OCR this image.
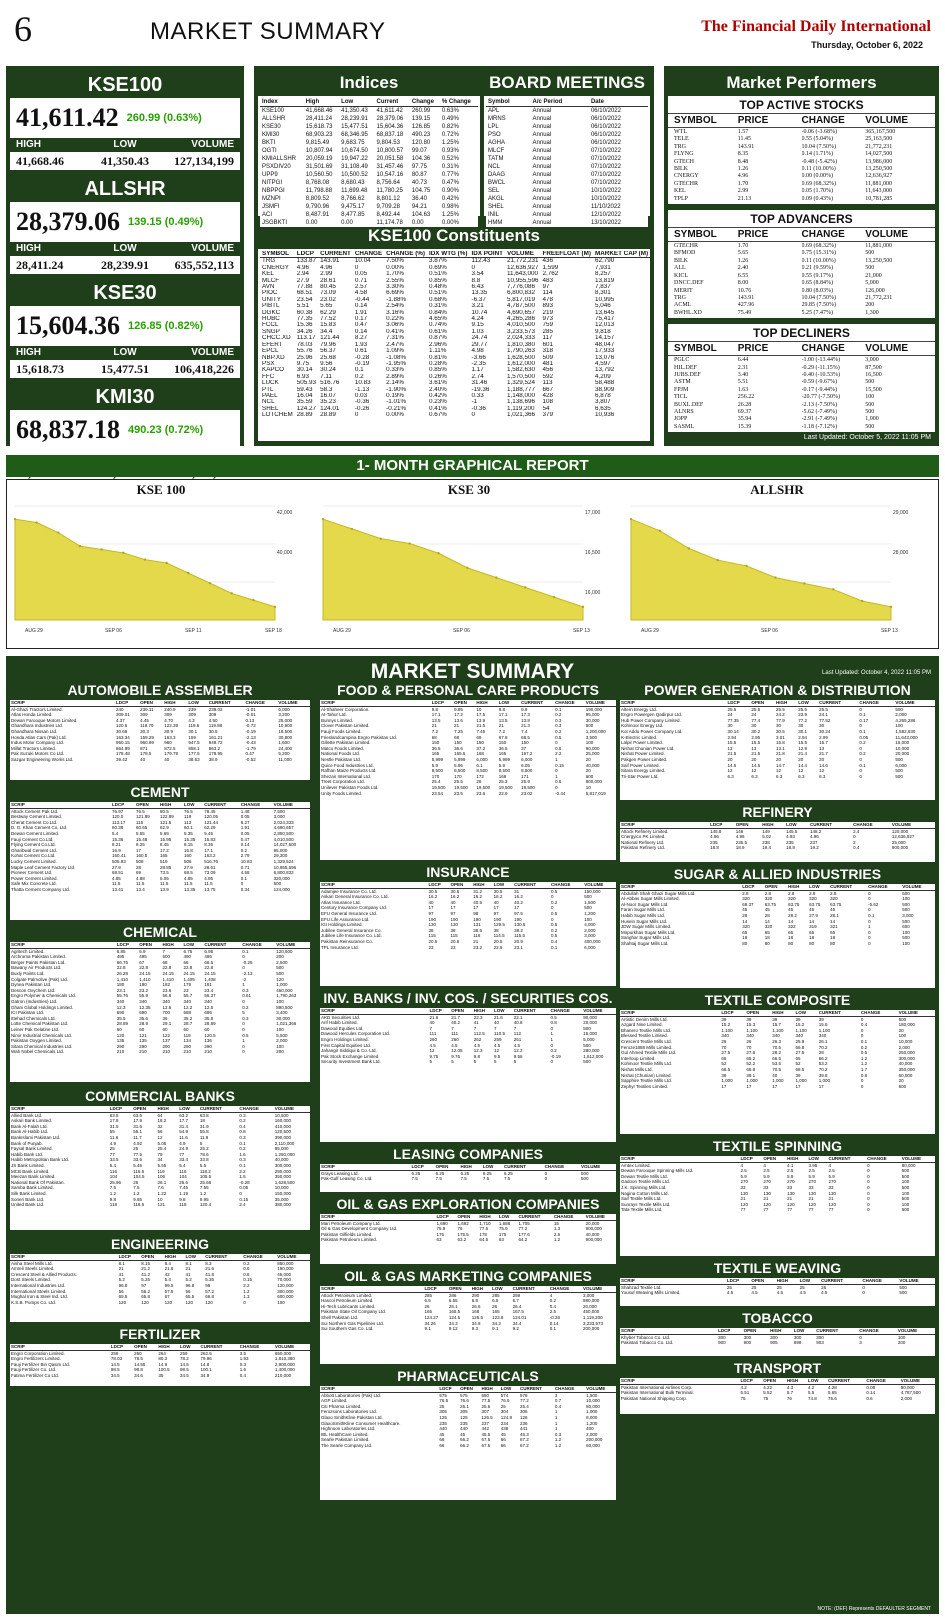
6	MARKET SUMMARY	The Financial Daily International
Thursday, October 6, 2022
KSE100
41,611.42 260.99 (0.63%)
HIGH	LOW	VOLUME
41,668.46	41,350.43	127,134,199
ALLSHR
28,379.06 139.15 (0.49%)
HIGH	LOW	VOLUME
28,411.24	28,239.91	635,552,113
KSE30
15,604.36 126.85 (0.82%)
HIGH	LOW	VOLUME
15,618.73	15,477.51	106,418,226
KMI30
68,837.18 490.23 (0.72%)
Indices
Index	High	Low	Current	Change	% Change
KSE100	41,668.46	41,350.43	41,611.42	260.99	0.63%
ALLSHR	28,411.24	28,239.91	28,379.06	139.15	0.49%
KSE30	15,618.73	15,477.51	15,604.36	126.85	0.82%
KMI30	68,903.23	68,346.95	68,837.18	490.23	0.72%
BKTI	9,815.49	9,683.75	9,804.53	120.80	1.25%
OGTI	10,807.94	10,674.50	10,800.57	99.07	0.93%
KMIALLSHR	20,059.19	19,947.22	20,051.58	104.36	0.52%
PSXDIV20	31,501.69	31,108.49	31,457.46	97.75	0.31%
UPP9	10,560.50	10,500.52	10,547.16	80.87	0.77%
NITPGI	8,768.08	8,680.43	8,756.64	40.73	0.47%
NBPPGI	11,798.88	11,699.48	11,780.25	104.75	0.90%
MZNPI	8,809.52	8,766.62	8,801.12	36.40	0.42%
JSMFI	9,790.96	9,475.17	9,709.28	94.21	0.98%
ACI	8,487.91	8,477.85	8,492.44	104.63	1.25%
JSGBKTI	0.00	0.00	11,174.78	0.00	0.00%
BOARD MEETINGS
Symbol	A/c Period	Date
APL	Annual	06/10/2022
MRNS	Annual	06/10/2022
LPL	Annual	06/10/2022
PSO	Annual	06/10/2022
AGHA	Annual	06/10/2022
MLCF	Annual	07/10/2022
TATM	Annual	07/10/2022
NCL	Annual	07/10/2022
DAAG	Annual	07/10/2022
BWCL	Annual	07/10/2022
SEL	Annual	10/10/2022
AKGL	Annual	10/10/2022
SHEL	Annual	11/10/2022
INIL	Annual	12/10/2022
HMM	Annual	13/10/2022
KSE100 Constituents
SYMBOL	LDCP	CURRENT	CHANGE	CHANGE (%)	IDX WTG (%)	IDX POINT	VOLUME	FREEFLOAT (M)	MARKET CAP (M)
TRG	133.87	143.91	10.04	7.50%	3.87%	112.43	21,772,231	436	62,790
CNERGY	4.96	4.96	0	0.00%	0.69%	0	12,636,927	1,599	7,931
KEL	2.94	2.99	0.05	1.70%	0.51%	3.54	11,643,000	2,762	8,257
MLCF	27.9	28.61	0.71	2.55%	0.85%	8.8	10,955,596	483	13,819
AVN	77.88	80.45	2.57	3.30%	0.48%	6.43	7,776,086	97	7,837
PIOC	68.51	73.09	4.58	6.69%	0.51%	13.35	6,800,832	114	8,301
UNITY	23.54	23.02	-0.44	-1.88%	0.68%	-6.37	5,817,019	478	10,995
PIBTL	5.51	5.65	0.14	2.54%	0.31%	3.21	4,787,500	893	5,046
DGKC	60.38	62.29	1.91	3.16%	0.84%	10.74	4,690,657	219	13,645
HUBC	77.35	77.52	0.17	0.22%	4.65%	4.24	4,265,286	973	75,417
FCCL	15.36	15.83	0.47	3.06%	0.74%	9.15	4,010,500	759	12,013
SNGP	34.26	34.4	0.14	0.41%	0.61%	1.03	3,233,573	285	9,818
CHCC.XD	113.17	121.44	8.27	7.31%	0.87%	24.74	2,024,333	117	14,157
EFERT	78.03	79.96	1.93	2.47%	2.96%	29.77	1,810,380	601	48,047
EPCL	55.76	56.37	0.61	1.09%	1.11%	4.98	1,790,263	318	17,933
NBP.XD	25.96	25.68	-0.28	-1.08%	0.81%	-3.66	1,628,500	509	13,076
PSX	9.75	9.56	-0.19	-1.95%	0.28%	-2.35	1,612,000	481	4,597
KAPCO	30.14	30.24	0.1	0.33%	0.85%	1.17	1,582,630	456	13,792
FFC	6.93	7.11	0.2	2.89%	0.26%	2.74	1,570,500	592	4,209
LUCK	505.93	516.76	10.83	2.14%	3.61%	31.46	1,329,524	113	58,488
PTL	59.43	58.3	-1.13	-1.90%	2.40%	-19.36	1,188,777	667	38,909
PAEL	16.04	16.07	0.03	0.19%	0.42%	0.33	1,148,000	428	6,878
NCL	35.59	35.23	-0.36	-1.01%	0.23%	-1	1,138,696	108	3,807
SHEL	124.27	124.01	-0.26	-0.21%	0.41%	-0.36	1,119,200	54	6,635
LOTCHEM	28.89	28.89	0	0.00%	0.67%	0	1,021,366	379	10,936
Market Performers
TOP ACTIVE STOCKS
SYMBOL	PRICE	CHANGE	VOLUME
WTL	1.57	-0.06 (-3.68%)	365,167,500
TELE	11.45	0.55 (5.04%)	25,163,500
TRG	143.91	10.04 (7.50%)	21,772,231
FLYNG	8.35	0.14 (1.71%)	14,027,500
GTECH	8.48	-0.48 (-5.42%)	13,986,000
BILK	1.26	0.11 (10.00%)	13,250,500
CNERGY	4.96	0.00 (0.00%)	12,636,927
GTECHR	1.70	0.69 (68.32%)	11,881,000
KEL	2.99	0.05 (1.70%)	11,643,000
TPLP	21.13	0.09 (0.43%)	10,781,285
TOP ADVANCERS
SYMBOL	PRICE	CHANGE	VOLUME
GTECHR	1.70	0.69 (68.32%)	11,881,000
BFMOD	5.65	0.75 (15.31%)	500
BILK	1.26	0.11 (10.00%)	13,250,500
ALL	2.40	0.21 (9.59%)	500
KICL	6.55	0.55 (9.17%)	21,000
DNCC.DEF	8.00	0.65 (8.84%)	5,000
MERIT	10.76	0.80 (8.03%)	126,000
TRG	143.91	10.04 (7.50%)	21,772,231
ACML	427.96	29.85 (7.50%)	200
BWHL.XD	75.49	5.25 (7.47%)	1,300
TOP DECLINERS
SYMBOL	PRICE	CHANGE	VOLUME
PGLC	6.44	-1.00 (-13.44%)	3,000
HIL.DEF	2.31	-0.29 (-11.15%)	87,500
JUBS.DEF	3.40	-0.40 (-10.53%)	16,500
ASTM	5.51	-0.59 (-9.67%)	500
FPJM	1.63	-0.17 (-9.44%)	15,500
TICL	256.22	-20.77 (-7.50%)	100
BUXL.DEF	26.28	-2.13 (-7.50%)	500
ALNRS	69.37	-5.62 (-7.49%)	500
JOPP	35.94	-2.91 (-7.49%)	1,000
SASML	15.39	-1.18 (-7.12%)	500
Last Updated: October 5, 2022 11:05 PM
1- MONTH GRAPHICAL REPORT
KSE 100
AUG 29	SEP 06	SEP 11	SEP 18
42,000
40,000
KSE 30
AUG 29	SEP 06	SEP 13
17,000
16,500
16,000
ALLSHR
AUG 29	SEP 06	SEP 13
29,000
28,000
MARKET SUMMARY	Last Updated: October 4, 2022 11:05 PM
NOTE: (DEF) Represents DEFAULTER SEGMENT
AUTOMOBILE ASSEMBLER
SCRIP	LDCP	OPEN	HIGH	LOW	CURRENT	CHANGE	VOLUME
Al-Ghazi Tractors Limited.	240	239.11	240.9	239	239.02	-1.01	6,000
Atlas Honda Limited.	309.01	309	309	309	309	-0.01	3,200
Dewan Farooque Motors Limited.	4.37	4.45	4.70	4.3	4.50	0.13	25,000
Ghandhara Industries Ltd.	120.6	118.79	122.39	118.6	119.88	-0.72	10,900
Ghandhara Nissan Ltd.	30.69	30.3	30.9	30.1	30.5	-0.19	18,500
Honda Atlas Cars (Pak) Ltd.	163.34	159.29	163.3	159	161.21	-2.13	30,800
Indus Motor Company Ltd.	950.15	960.99	960	947.5	949.72	-0.43	1,600
Millat Tractors Limited.	864.99	871	872.5	858.1	863.2	-1.79	24,400
Pak Suzuki Motors Co Ltd.	178.48	178.5	179.79	177.5	178.95	0.47	5,200
Sazgar Engineering Works Ltd.	39.42	40	40	38.63	38.9	-0.52	11,000
CEMENT
SCRIP	LDCP	OPEN	HIGH	LOW	CURRENT	CHANGE	VOLUME
Attock Cement Pak Ltd.	76.97	76.5	80.5	76.5	78.45	1.48	7,500
Bestway Cement Limited.	120.0	121.89	122.89	119	120.05	0.05	3,000
Cherat Cement Co.Ltd.	113.17	115	121.5	113	121.44	8.27	2,024,333
D. G. Khan Cement Co. Ltd.	60.38	60.65	62.9	60.1	62.29	1.91	4,690,657
Dewan Cement Limited.	5.4	5.55	5.69	5.35	5.45	0.05	2,850,500
Fauji Cement Co.Ltd.	15.36	15.48	15.95	15.35	15.83	0.47	4,010,500
Flying Cement Co.Ltd.	8.21	8.25	8.45	8.15	8.35	0.14	14,027,500
Gharibwal Cement Ltd.	16.9	17	17.2	16.8	17.1	0.2	95,000
Kohat Cement Co.Ltd.	160.41	160.5	165	160	163.2	2.79	29,300
Lucky Cement Limited.	505.93	508	519	506	516.76	10.83	1,329,524
Maple Leaf Cement Factory Ltd.	27.9	28	28.85	27.9	28.61	0.71	10,955,596
Pioneer Cement Ltd.	68.51	69	73.5	68.5	73.09	4.58	6,800,832
Power Cement Limited.	4.85	4.88	5.05	4.85	4.95	0.1	320,000
Safe Mix Concrete Ltd.	11.5	11.5	11.5	11.5	11.5	0	500
Thatta Cement Company Ltd.	13.41	13.4	13.9	13.35	13.75	0.34	124,000
CHEMICAL
SCRIP	LDCP	OPEN	HIGH	LOW	CURRENT	CHANGE	VOLUME
Agritech Limited.	6.85	6.9	7	6.75	6.95	0.1	120,500
Archroma Pakistan Limited.	495	495	500	490	495	0	200
Berger Paints Pakistan Ltd.	66.75	67	68	66	66.5	-0.25	2,500
Bawany Air Products Ltd.	22.8	22.8	22.8	22.8	22.8	0	500
Buxly Paints Ltd.	26.28	24.15	24.15	24.15	24.15	-2.13	500
Colgate Palmolive (Pak) Ltd.	1,410	1,410	1,410	1,405	1,408	-2	120
Dynea Pakistan Ltd.	180	180	182	179	181	1	1,000
Descon Oxychem Ltd.	23.1	23.2	23.6	23	23.4	0.3	450,000
Engro Polymer & Chemicals Ltd.	55.76	55.9	56.6	55.7	56.37	0.61	1,790,263
Gatron (Industries) Ltd.	340	340	340	340	340	0	100
Ghani Global Holdings Limited.	12.3	12.35	12.6	12.2	12.5	0.2	890,500
ICI Pakistan Ltd.	690	690	700	688	695	5	3,400
Ittehad Chemicals Ltd.	35.5	35.6	36	35.2	35.8	0.3	30,000
Lotte Chemical Pakistan Ltd.	28.89	28.9	29.1	28.7	28.89	0	1,021,366
Leiner Pak Gelatine Ltd.	60	60	60	60	60	0	100
Nimir Industrial Chemicals Ltd.	120	121	122	119	120.5	0.5	5,500
Pakistan Oxygen Limited.	135	135	137	134	136	1	2,000
Sitara Chemical Industries Ltd.	290	290	290	290	290	0	100
Wah Nobel Chemicals Ltd.	210	210	210	210	210	0	200
COMMERCIAL BANKS
SCRIP	LDCP	OPEN	HIGH	LOW	CURRENT	CHANGE	VOLUME
Allied Bank Ltd.	63.5	63.5	64	63.2	63.8	0.3	10,500
Askari Bank Limited.	17.8	17.9	18.2	17.7	18	0.2	160,000
Bank Al-Falah Ltd.	31.5	31.6	32	31.4	31.9	0.4	410,000
Bank Al-Habib Ltd.	55	55.1	56	54.9	55.8	0.8	120,500
BankIslami Pakistan Ltd.	11.6	11.7	12	11.6	11.9	0.3	390,000
Bank of Punjab.	4.9	4.92	5.05	4.9	5	0.1	2,110,000
Faysal Bank Limited.	25	25	25.4	24.9	25.2	0.2	95,000
Habib Bank Ltd.	77	77.5	79	77	78.6	1.6	1,250,000
Habib Metropolitan Bank Ltd.	33.5	33.6	34	33.4	33.8	0.3	40,000
JS Bank Limited.	5.4	5.45	5.55	5.4	5.5	0.1	300,000
MCB Bank Limited.	116	116.5	119	116	118.2	2.2	290,000
Meezan Bank Limited.	104	104.5	106	104	105.5	1.5	350,000
National Bank Of Pakistan.	25.96	26	26.1	25.6	25.68	-0.28	1,628,500
Samba Bank Limited.	7.5	7.5	7.6	7.45	7.55	0.05	10,000
Silk Bank Limited.	1.2	1.2	1.22	1.19	1.2	0	150,000
Soneri Bank Ltd.	9.8	9.85	10	9.8	9.95	0.15	35,000
United Bank Ltd.	118	118.5	121	118	120.4	2.4	380,000
ENGINEERING
SCRIP	LDCP	OPEN	HIGH	LOW	CURRENT	CHANGE	VOLUME
Aisha Steel Mills Ltd.	8.1	8.15	8.4	8.1	8.3	0.2	850,000
Amreli Steels Limited.	21	21.2	21.8	21	21.6	0.6	190,000
Crescent Steel & Allied Products.	41	41.2	42	41	41.8	0.8	45,000
Dost Steels Limited.	5.2	5.25	5.4	5.2	5.35	0.15	70,000
International Industries Ltd.	96.8	97	99.5	96.8	99	2.2	120,000
International Steels Limited.	56	56.2	57.5	56	57.2	1.2	300,000
Mughal Iron & Steel Ind. Ltd.	65.5	65.8	67	65.5	66.8	1.3	600,000
K.S.B. Pumps Co. Ltd.	120	120	120	120	120	0	100
FERTILIZER
SCRIP	LDCP	OPEN	HIGH	LOW	CURRENT	CHANGE	VOLUME
Engro Corporation Limited.	259	260	264	259	262.5	3.5	650,000
Engro Fertilizers Limited.	78.03	78.5	80.3	78.2	79.96	1.93	1,810,380
Fauji Fertilizer Bin Qasim Ltd.	14.5	14.55	14.9	14.5	14.8	0.3	2,900,000
Fauji Fertilizer Co. Ltd.	98.5	98.8	100.5	98.5	100.1	1.6	1,400,000
Fatima Fertilizer Co Ltd.	34.5	34.6	35	34.5	34.9	0.4	210,000
FOOD & PERSONAL CARE PRODUCTS
SCRIP	LDCP	OPEN	HIGH	LOW	CURRENT	CHANGE	VOLUME
Al-Shaheer Corporation.	9.8	9.85	10	9.8	9.9	0.1	190,000
At-Tahur Ltd.	17.1	17.2	17.5	17.1	17.3	0.2	95,000
Bunnys Limited.	13.5	13.6	13.9	13.5	13.8	0.3	30,000
Clover Pakistan Limited.	21	21	21.5	21	21.3	0.3	500
Fauji Foods Limited.	7.2	7.25	7.45	7.2	7.4	0.2	1,200,000
Frieslandcampina Engro Pakistan Ltd.	68	68	69	67.8	68.5	0.5	3,500
Gillette Pakistan Limited.	150	150	150	150	150	0	100
Matco Foods Limited.	36.5	36.6	37.2	36.5	37	0.5	90,000
National Foods Ltd.	165	165.5	168	165	167.2	2.2	25,000
Nestle Pakistan Ltd.	5,999	5,999	6,000	5,999	6,000	1	20
Quice Food Industries Ltd.	5.9	5.95	6.1	5.9	6.05	0.15	40,000
Rafhan Maize Products Ltd.	8,500	8,500	8,500	8,500	8,500	0	20
Shezan International Ltd.	170	170	172	169	171	1	600
Treet Corporation Ltd.	25.4	25.5	26	25.3	25.9	0.5	800,000
Unilever Pakistan Foods Ltd.	19,500	19,500	19,500	19,500	19,500	0	10
Unity Foods Limited.	23.54	23.5	23.6	22.9	23.02	-0.44	5,817,019
INSURANCE
SCRIP	LDCP	OPEN	HIGH	LOW	CURRENT	CHANGE	VOLUME
Adamjee Insurance Co. Ltd.	30.5	30.6	31.2	30.5	31	0.5	150,000
Askari General Insurance Co. Ltd.	16.2	16.2	16.2	16.2	16.2	0	500
Atlas Insurance Ltd.	40	40	40.5	40	40.2	0.2	1,500
Century Insurance Company Ltd.	17	17	17	17	17	0	500
EFU General Insurance Ltd.	97	97	98	97	97.5	0.5	1,200
EFU Life Assurance Ltd.	190	190	190	190	190	0	100
IGI Holdings Limited.	130	130	131	129.5	130.5	0.5	4,000
Jubilee General Insurance Co.	38	38	38.5	38	38.2	0.2	2,000
Jubilee Life Insurance Co. Ltd.	115	115	116	114.5	115.5	0.5	3,000
Pakistan Reinsurance Co.	20.5	20.6	21	20.5	20.9	0.4	400,000
TPL Insurance Ltd.	23	23	23.2	22.9	23.1	0.1	6,000
INV. BANKS / INV. COS. / SECURITIES COS.
SCRIP	LDCP	OPEN	HIGH	LOW	CURRENT	CHANGE	VOLUME
AKD Securities Ltd.	21.6	21.7	22.3	21.6	22.1	0.5	90,000
Arif Habib Limited.	40	40.2	41	40	40.8	0.8	20,000
Dawood Equities Ltd.	7	7	7	7	7	0	500
Dawood Hercules Corporation Ltd.	111	111	112.5	110.5	112	1	15,000
Engro Holdings Limited.	260	260	262	259	261	1	5,000
First Capital Equities Ltd.	4.5	4.5	4.5	4.5	4.5	0	500
Jahangir Siddiqui & Co. Ltd.	12	12.05	12.3	12	12.2	0.2	280,000
Pak Stock Exchange Limited.	9.75	9.76	9.8	9.5	9.56	-0.19	1,612,000
Security Investment Bank Ltd.	5	5	5	5	5	0	500
LEASING COMPANIES
SCRIP	LDCP	OPEN	HIGH	LOW	CURRENT	CHANGE	VOLUME
Grays Leasing Ltd.	6.25	6.25	6.25	6.25	6.25	0	500
Pak-Gulf Leasing Co. Ltd.	7.5	7.5	7.5	7.5	7.5	0	500
OIL & GAS EXPLORATION COMPANIES
SCRIP	LDCP	OPEN	HIGH	LOW	CURRENT	CHANGE	VOLUME
Mari Petroleum Company Ltd.	1,690	1,692	1,710	1,688	1,705	15	20,000
Oil & Gas Development Company Ltd.	75.9	76	77.5	75.9	77.2	1.3	900,000
Pakistan Oilfields Limited.	175	175.5	178	175	177.6	2.6	40,000
Pakistan Petroleum Limited.	63	63.2	64.5	63	64.2	1.2	900,000
OIL & GAS MARKETING COMPANIES
SCRIP	LDCP	OPEN	HIGH	LOW	CURRENT	CHANGE	VOLUME
Attock Petroleum Limited.	285	286	290	285	289	4	3,000
Hascol Petroleum Limited.	6.5	6.55	6.8	6.5	6.7	0.2	980,000
Hi-Tech Lubricants Limited.	26	26.1	26.6	26	26.4	0.4	20,000
Pakistan State Oil Company Ltd.	165	165.5	168	165	167.5	2.5	450,000
Shell Pakistan Ltd.	124.27	124.5	125.5	123.8	124.01	-0.26	1,119,200
Sui Northern Gas Pipelines Ltd.	34.26	34.3	34.8	34.2	34.4	0.14	3,233,573
Sui Southern Gas Co. Ltd.	9.1	9.12	9.3	9.1	9.2	0.1	200,000
PHARMACEUTICALS
SCRIP	LDCP	OPEN	HIGH	LOW	CURRENT	CHANGE	VOLUME
Abbott Laboratories (Pak) Ltd.	575	575	580	574	578	3	1,500
AGP Limited.	76.5	76.6	77.5	76.5	77.2	0.7	10,000
Citi Pharma Limited.	25	25.1	25.6	25	25.4	0.4	80,000
Ferozsons Laboratories Ltd.	305	305	307	304	306	1	1,000
Glaxo SmithKline Pakistan Ltd.	125	125	126.5	124.8	126	1	8,000
GlaxoSmithKline Consumer Healthcare.	235	235	237	234	236	1	1,200
Highnoon Laboratories Ltd.	440	440	442	438	441	1	400
IBL HealthCare Limited.	45	45	45.5	45	45.3	0.3	2,000
Searle Pakistan Limited.	66	66.2	67.5	66	67.2	1.2	200,000
The Searle Company Ltd.	66	66.2	67.5	66	67.2	1.2	60,000
POWER GENERATION & DISTRIBUTION
SCRIP	LDCP	OPEN	HIGH	LOW	CURRENT	CHANGE	VOLUME
Altern Energy Ltd.	25.5	25.5	25.5	25.5	25.5	0	500
Engro Powergen Qadirpur Ltd.	24	24	24.2	23.9	24.1	0.1	2,000
Hub Power Company Limited.	77.35	77.4	77.9	77.2	77.52	0.17	4,265,286
Kohinoor Energy Ltd.	30	30	30	30	30	0	100
Kot Addu Power Company Ltd.	30.14	30.2	30.5	30.1	30.24	0.1	1,582,630
K-Electric Limited.	2.94	2.95	3.01	2.94	2.99	0.05	11,643,000
Lalpir Power Limited.	15.5	15.5	15.8	15.5	15.7	0.2	15,000
Nishat Chunian Power Ltd.	13	13	13.1	12.9	13	0	10,000
Nishat Power Limited.	21.5	21.5	21.8	21.4	21.7	0.2	20,000
Pakgen Power Limited.	20	20	20	20	20	0	500
Saif Power Limited.	14.5	14.5	14.7	14.4	14.6	0.1	6,000
Sitara Energy Limited.	12	12	12	12	12	0	500
Tri-Star Power Ltd.	6.3	6.3	6.3	6.3	6.3	0	500
REFINERY
SCRIP	LDCP	OPEN	HIGH	LOW	CURRENT	CHANGE	VOLUME
Attock Refinery Limited.	145.8	146	149	145.5	148.2	2.4	120,000
Cnergyico PK Limited.	4.96	4.96	5.02	4.93	4.96	0	12,636,927
National Refinery Ltd.	235	235.5	238	235	237	2	25,000
Pakistan Refinery Ltd.	18.8	18.9	19.4	18.8	19.2	0.4	900,000
SUGAR & ALLIED INDUSTRIES
SCRIP	LDCP	OPEN	HIGH	LOW	CURRENT	CHANGE	VOLUME
Abdullah Shah Ghazi Sugar Mills Ltd.	2.8	2.8	2.8	2.8	2.8	0	500
Al-Abbas Sugar Mills Limited.	320	320	320	320	320	0	100
Al-Noor Sugar Mills Ltd.	69.37	63.75	63.75	63.75	63.75	-5.62	500
Faran Sugar Mills Ltd.	45	45	45	45	45	0	500
Habib Sugar Mills Ltd.	28	28	28.2	27.9	28.1	0.1	3,000
Husein Sugar Mills Ltd.	14	14	14	14	14	0	500
JDW Sugar Mills Limited.	320	320	322	319	321	1	600
Mirpurkhas Sugar Mills Ltd.	65	65	65	65	65	0	100
Sanghar Sugar Mills Ltd.	18	18	18	18	18	0	500
Shahtaj Sugar Mills Ltd.	80	80	80	80	80	0	100
TEXTILE COMPOSITE
SCRIP	LDCP	OPEN	HIGH	LOW	CURRENT	CHANGE	VOLUME
Artistic Denim Mills Ltd.	39	39	39	39	39	0	500
Azgard Nine Limited.	15.2	15.3	15.7	15.2	15.6	0.4	180,000
Bhanero Textile Mills Ltd.	1,100	1,100	1,100	1,100	1,100	0	20
Blessed Textile Limited.	340	340	340	340	340	0	100
Crescent Textile Mills Ltd.	26	26	26.3	25.9	26.1	0.1	10,000
Feroze1888 Mills Limited.	70	70	70.5	69.8	70.2	0.2	2,000
Gul Ahmed Textile Mills Ltd.	27.5	27.6	28.2	27.5	28	0.5	250,000
Interloop Limited.	65	65.2	66.5	65	66.2	1.2	300,000
Kohinoor Textile Mills Ltd.	52	52.2	53.5	52	53.2	1.2	40,000
Nishat Mills Ltd.	68.5	68.8	70.5	68.5	70.2	1.7	350,000
Nishat (Chunian) Limited.	39	39.1	40	39	39.8	0.8	60,000
Sapphire Textile Mills Ltd.	1,000	1,000	1,000	1,000	1,000	0	20
Zephyr Textiles Limited.	17	17	17	17	17	0	500
TEXTILE SPINNING
SCRIP	LDCP	OPEN	HIGH	LOW	CURRENT	CHANGE	VOLUME
Amtex Limited.	4	4	4.1	3.95	4	0	80,000
Dewan Farooque Spinning Mills Ltd.	2.5	2.5	2.5	2.5	2.5	0	500
Dewan Textile Mills Ltd.	5.9	5.9	5.9	5.9	5.9	0	500
Gadoon Textile Mills Ltd.	270	270	270	270	270	0	100
J.K. Spinning Mills Ltd.	33	33	33	33	33	0	500
Nagina Cotton Mills Ltd.	130	130	130	130	130	0	100
Saif Textile Mills Ltd.	21	21	21	21	21	0	500
Sunrays Textile Mills Ltd.	120	120	120	120	120	0	100
Tata Textile Mills Ltd.	77	77	77	77	77	0	500
TEXTILE WEAVING
SCRIP	LDCP	OPEN	HIGH	LOW	CURRENT	CHANGE	VOLUME
Shahzad Textile Ltd.	25	25	25	25	25	0	500
Yousuf Weaving Mills Limited.	4.5	4.5	4.5	4.5	4.5	0	500
TOBACCO
SCRIP	LDCP	OPEN	HIGH	LOW	CURRENT	CHANGE	VOLUME
Khyber Tobacco Co. Ltd.	300	300	300	300	300	0	100
Pakistan Tobacco Co. Ltd.	900	900	905	899	903	3	200
TRANSPORT
SCRIP	LDCP	OPEN	HIGH	LOW	CURRENT	CHANGE	VOLUME
Pakistan International Airlines Corp.	4.2	4.22	4.3	4.2	4.28	0.08	90,000
Pakistan International Bulk Terminal.	5.51	5.52	5.7	5.5	5.65	0.14	4,787,500
Pakistan National Shipping Corp.	75	75	76	74.8	75.6	0.6	2,000
